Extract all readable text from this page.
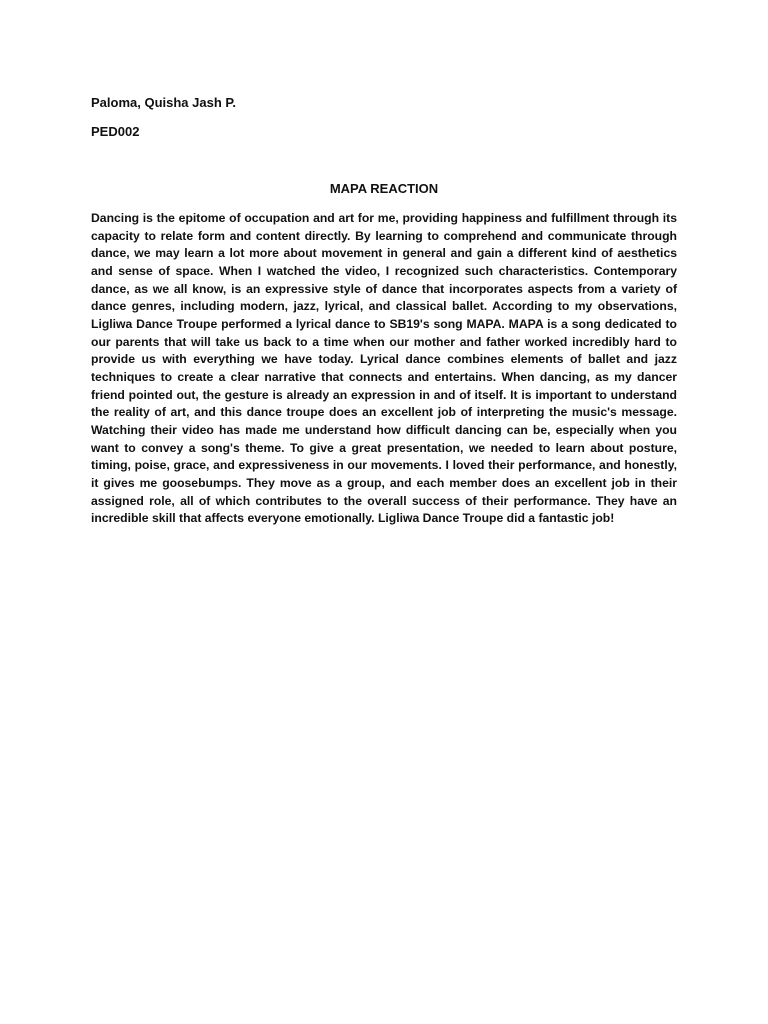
Paloma, Quisha Jash P.
PED002
MAPA REACTION

Dancing is the epitome of occupation and art for me, providing happiness and fulfillment through its capacity to relate form and content directly. By learning to comprehend and communicate through dance, we may learn a lot more about movement in general and gain a different kind of aesthetics and sense of space. When I watched the video, I recognized such characteristics. Contemporary dance, as we all know, is an expressive style of dance that incorporates aspects from a variety of dance genres, including modern, jazz, lyrical, and classical ballet. According to my observations, Ligliwa Dance Troupe performed a lyrical dance to SB19's song MAPA. MAPA is a song dedicated to our parents that will take us back to a time when our mother and father worked incredibly hard to provide us with everything we have today. Lyrical dance combines elements of ballet and jazz techniques to create a clear narrative that connects and entertains. When dancing, as my dancer friend pointed out, the gesture is already an expression in and of itself. It is important to understand the reality of art, and this dance troupe does an excellent job of interpreting the music's message. Watching their video has made me understand how difficult dancing can be, especially when you want to convey a song's theme. To give a great presentation, we needed to learn about posture, timing, poise, grace, and expressiveness in our movements. I loved their performance, and honestly, it gives me goosebumps. They move as a group, and each member does an excellent job in their assigned role, all of which contributes to the overall success of their performance. They have an incredible skill that affects everyone emotionally. Ligliwa Dance Troupe did a fantastic job!
